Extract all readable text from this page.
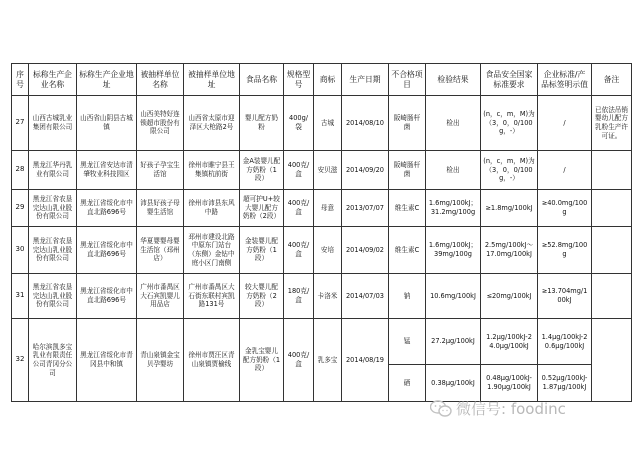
序号	标称生产企业名称	标称生产企业地址	被抽样单位名称	被抽样单位地址	食品名称	规格型号	商标	生产日期	不合格项目	检验结果	食品安全国家标准要求	企业标准/产品标签明示值	备注
27	山西古城乳业集团有限公司	山西省山阴县古城镇	山西美特好连锁超市股份有限公司	山西省太原市迎泽区大枪路2号	婴儿配方奶粉	400g/袋	古城	2014/08/10	阪崎肠杆菌	检出	(n，c，m，M)为（3，0，0/100g，-）	/	已依法吊销婴幼儿配方乳粉生产许可证。
28	黑龙江华丹乳业有限公司	黑龙江省安达市清肇牧业科技园区	好孩子孕宝生活馆	徐州市睢宁县王集镇杭前街	金A装婴儿配方奶粉（1段）	400克/盒	安贝滋	2014/09/20	阪崎肠杆菌	检出	(n，c，m，M)为（3，0，0/100g，-）	/	
29	黑龙江省农垦完达山乳业股份有限公司	黑龙江省绥化市中直北路696号	沛县好孩子母婴生活馆	徐州市沛县东风中路	超可护U+较大婴儿配方奶粉（2段）	400克/盒	母意	2013/07/07	维生素C	1.6mg/100kJ；31.2mg/100g	≥1.8mg/100kJ	≥40.0mg/100g	
30	黑龙江省农垦完达山乳业股份有限公司	黑龙江省绥化市中直北路696号	华夏婴婴母婴生活馆（邳州店）	邳州市建设北路中原东门站台（东侧）金钻中庭小区门南侧	金装婴儿配方奶粉（1段）	400克/盒	安培	2014/09/02	维生素C	1.6mg/100kJ；39mg/100g	2.5mg/100kJ～17.0mg/100kJ	≥52.8mg/100g	
31	黑龙江省农垦完达山乳业股份有限公司	黑龙江省绥化市中直北路696号	广州市番禺区大石宾凯婴儿用品店	广州市番禺区大石街东联村宾凯路131号	较大婴儿配方奶粉（2段）	180克/盒	卡洛米	2014/07/03	钠	10.6mg/100kJ	≤20mg/100kJ	≥13.704mg/100kJ	
32	哈尔滨凯多宝乳业有限责任公司青冈分公司	黑龙江省绥化市青冈县中和镇	青山泉镇金宝贝孕婴坊	徐州市贾汪区青山泉镇贾榆线	金乳宝婴儿配方奶粉（1段）	400克/盒	乳多宝	2014/08/19	锰	27.2μg/100kJ	1.2μg/100kJ-24.0μg/100kJ	1.4μg/100kJ-20.6μg/100kJ	
									硒	0.38μg/100kJ	0.48μg/100kJ-1.90μg/100kJ	0.52μg/100kJ-1.87μg/100kJ	
微信号: foodinc
